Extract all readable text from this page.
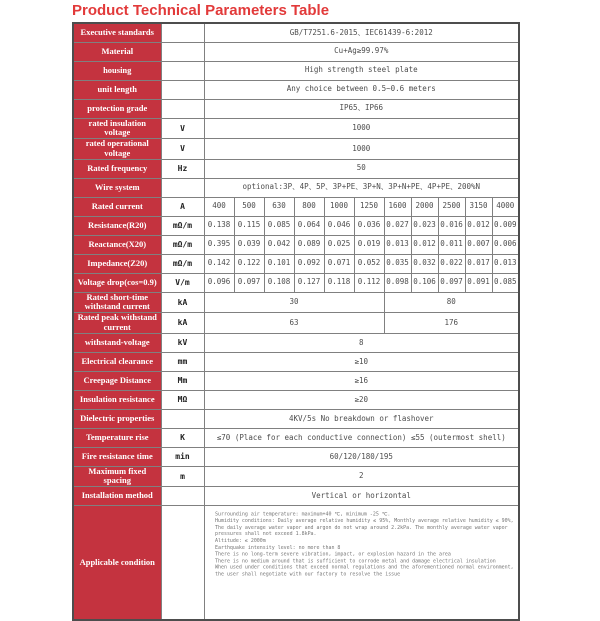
Product Technical Parameters Table
Executive standards		GB/T7251.6-2015、IEC61439-6:2012										
Material		Cu+Ag≥99.97%										
housing		High strength steel plate										
unit length		Any choice between 0.5~0.6 meters										
protection grade		IP65、IP66										
rated insulation voltage	V	1000										
rated operational voltage	V	1000										
Rated frequency	Hz	50										
Wire system		optional:3P、4P、5P、3P+PE、3P+N、3P+N+PE、4P+PE、200%N										
Rated current	A	400	500	630	800	1000	1250	1600	2000	2500	3150	4000
Resistance(R20)	mΩ/m	0.138	0.115	0.085	0.064	0.046	0.036	0.027	0.023	0.016	0.012	0.009
Reactance(X20)	mΩ/m	0.395	0.039	0.042	0.089	0.025	0.019	0.013	0.012	0.011	0.007	0.006
Impedance(Z20)	mΩ/m	0.142	0.122	0.101	0.092	0.071	0.052	0.035	0.032	0.022	0.017	0.013
Voltage drop(cos=0.9)	V/m	0.096	0.097	0.108	0.127	0.118	0.112	0.098	0.106	0.097	0.091	0.085
Rated short-time withstand current	kA	30						80				
Rated peak withstand current	kA	63						176				
withstand-voltage	kV	8										
Electrical clearance	mm	≥10										
Creepage Distance	Mm	≥16										
Insulation resistance	MΩ	≥20										
Dielectric properties		4KV/5s No breakdown or flashover										
Temperature rise	K	≤70 (Place for each conductive connection) ≤55 (outermost shell)										
Fire resistance time	min	60/120/180/195										
Maximum fixed spacing	m	2										
Installation method		Vertical or horizontal										
Applicable condition		
Surrounding air temperature: maximum+40 ℃, minimum -25 ℃.
Humidity conditions: Daily average relative humidity ≤ 95%, Monthly average relative humidity ≤ 90%,
The daily average water vapor and argon do not wrap around 2.2kPa. The monthly average water vapor
pressures shall not exceed 1.8kPa.
Altitude: ≤ 2000m
Earthquake intensity level: no more than 8
There is no long-term severe vibration, impact, or explosion hazard in the area
There is no medium around that is sufficient to corrode metal and damage electrical insulation
When used under conditions that exceed normal regulations and the aforementioned normal environment,
the user shall negotiate with our factory to resolve the issue
